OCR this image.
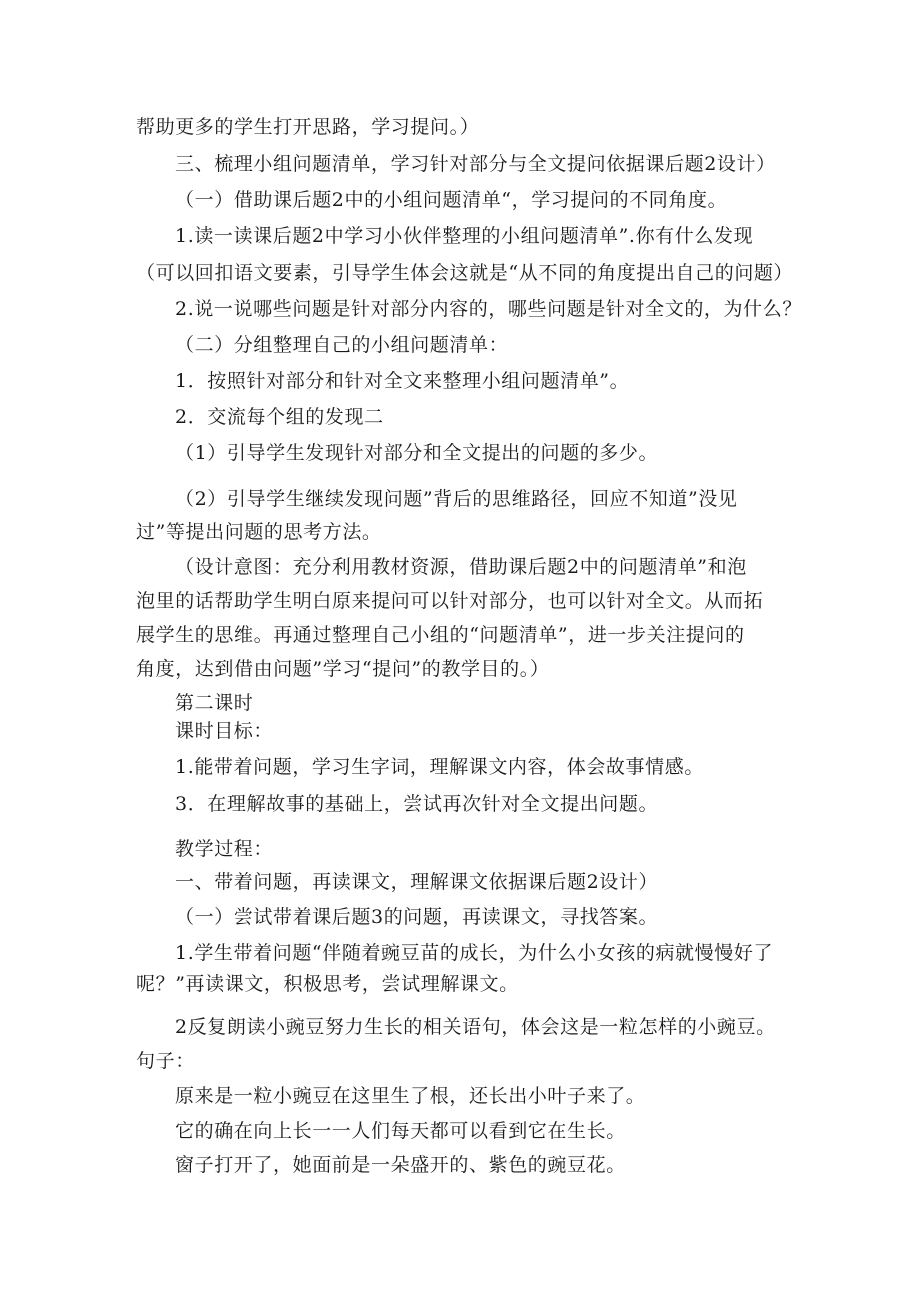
帮助更多的学生打开思路，学习提问。）
三、梳理小组问题清单，学习针对部分与全文提问依据课后题2设计）
（一）借助课后题2中的小组问题清单“，学习提问的不同角度。
1.读一读课后题2中学习小伙伴整理的小组问题清单”.你有什么发现
（可以回扣语文要素，引导学生体会这就是“从不同的角度提出自己的问题）
2.说一说哪些问题是针对部分内容的，哪些问题是针对全文的，为什么？
（二）分组整理自己的小组问题清单：
1．按照针对部分和针对全文来整理小组问题清单”。
2．交流每个组的发现二
（1）引导学生发现针对部分和全文提出的问题的多少。
（2）引导学生继续发现问题”背后的思维路径，回应不知道”没见
过”等提出问题的思考方法。
（设计意图：充分利用教材资源，借助课后题2中的问题清单”和泡
泡里的话帮助学生明白原来提问可以针对部分，也可以针对全文。从而拓
展学生的思维。再通过整理自己小组的“问题清单”，进一步关注提问的
角度，达到借由问题”学习“提问”的教学目的。）
第二课时
课时目标：
1.能带着问题，学习生字词，理解课文内容，体会故事情感。
3．在理解故事的基础上，尝试再次针对全文提出问题。
教学过程：
一、带着问题，再读课文，理解课文依据课后题2设计）
（一）尝试带着课后题3的问题，再读课文，寻找答案。
1.学生带着问题“伴随着豌豆苗的成长，为什么小女孩的病就慢慢好了
呢？”再读课文，积极思考，尝试理解课文。
2反复朗读小豌豆努力生长的相关语句，体会这是一粒怎样的小豌豆。
句子：
原来是一粒小豌豆在这里生了根，还长出小叶子来了。
它的确在向上长一一人们每天都可以看到它在生长。
窗子打开了，她面前是一朵盛开的、紫色的豌豆花。
